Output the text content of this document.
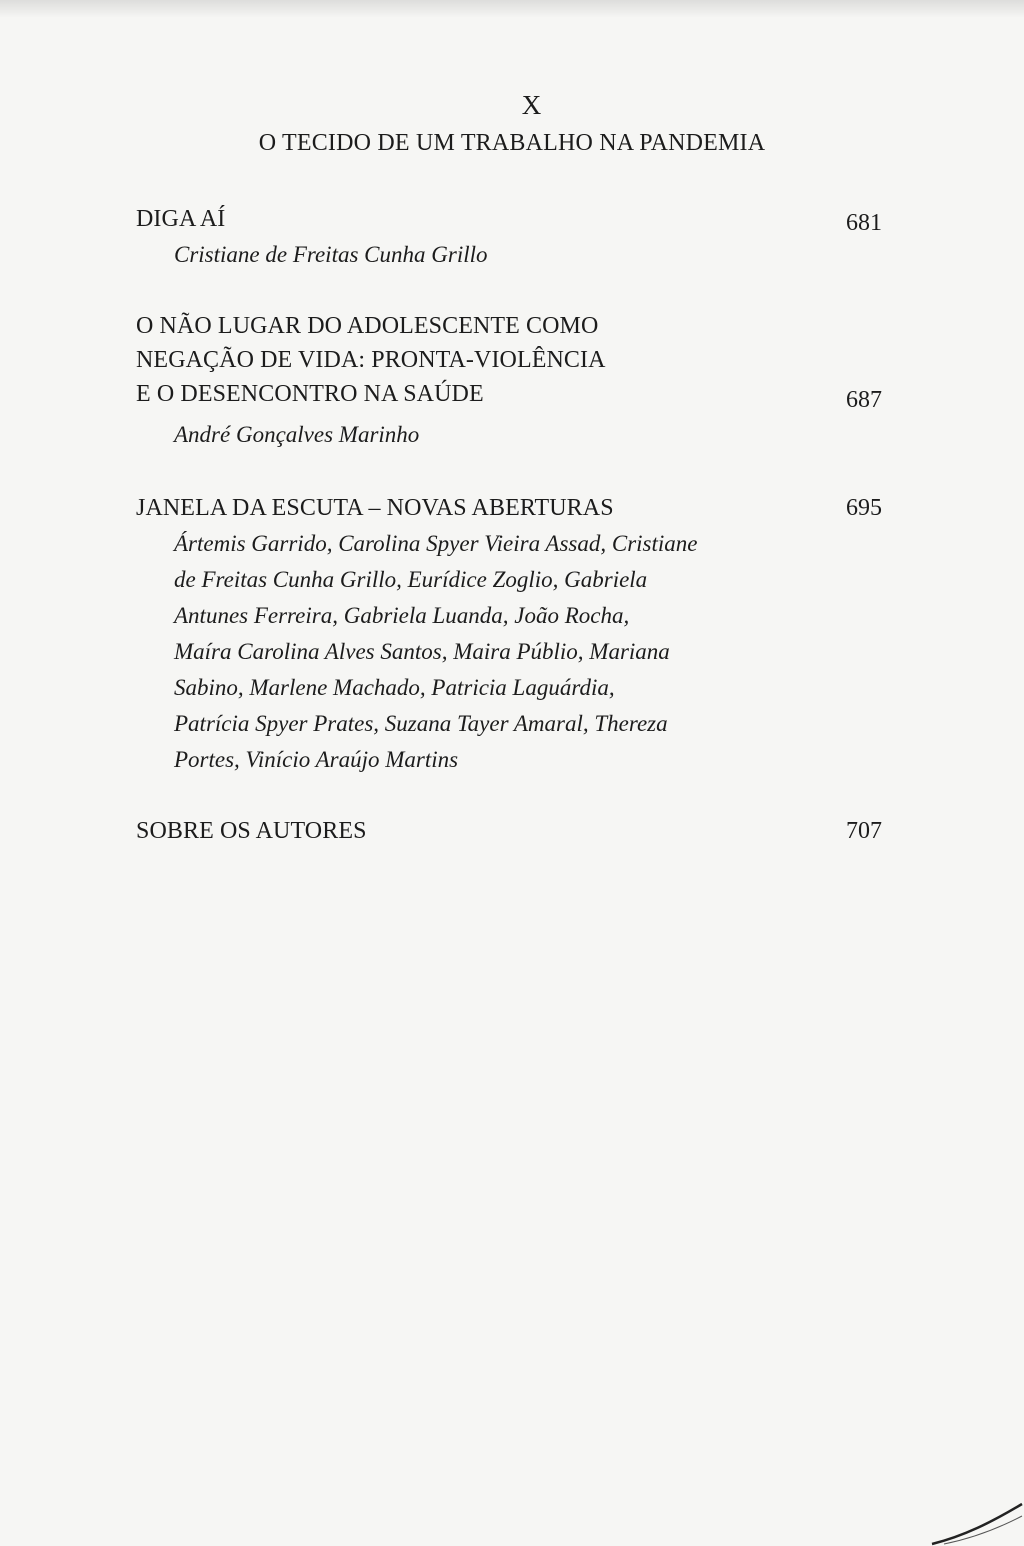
X
O TECIDO DE UM TRABALHO NA PANDEMIA
DIGA AÍ	681
Cristiane de Freitas Cunha Grillo
O NÃO LUGAR DO ADOLESCENTE COMO
NEGAÇÃO DE VIDA: PRONTA-VIOLÊNCIA
E O DESENCONTRO NA SAÚDE	687
André Gonçalves Marinho
JANELA DA ESCUTA – NOVAS ABERTURAS	695
Ártemis Garrido, Carolina Spyer Vieira Assad, Cristiane
de Freitas Cunha Grillo, Eurídice Zoglio, Gabriela
Antunes Ferreira, Gabriela Luanda, João Rocha,
Maíra Carolina Alves Santos, Maira Públio, Mariana
Sabino, Marlene Machado, Patricia Laguárdia,
Patrícia Spyer Prates, Suzana Tayer Amaral, Thereza
Portes, Vinício Araújo Martins
SOBRE OS AUTORES	707
